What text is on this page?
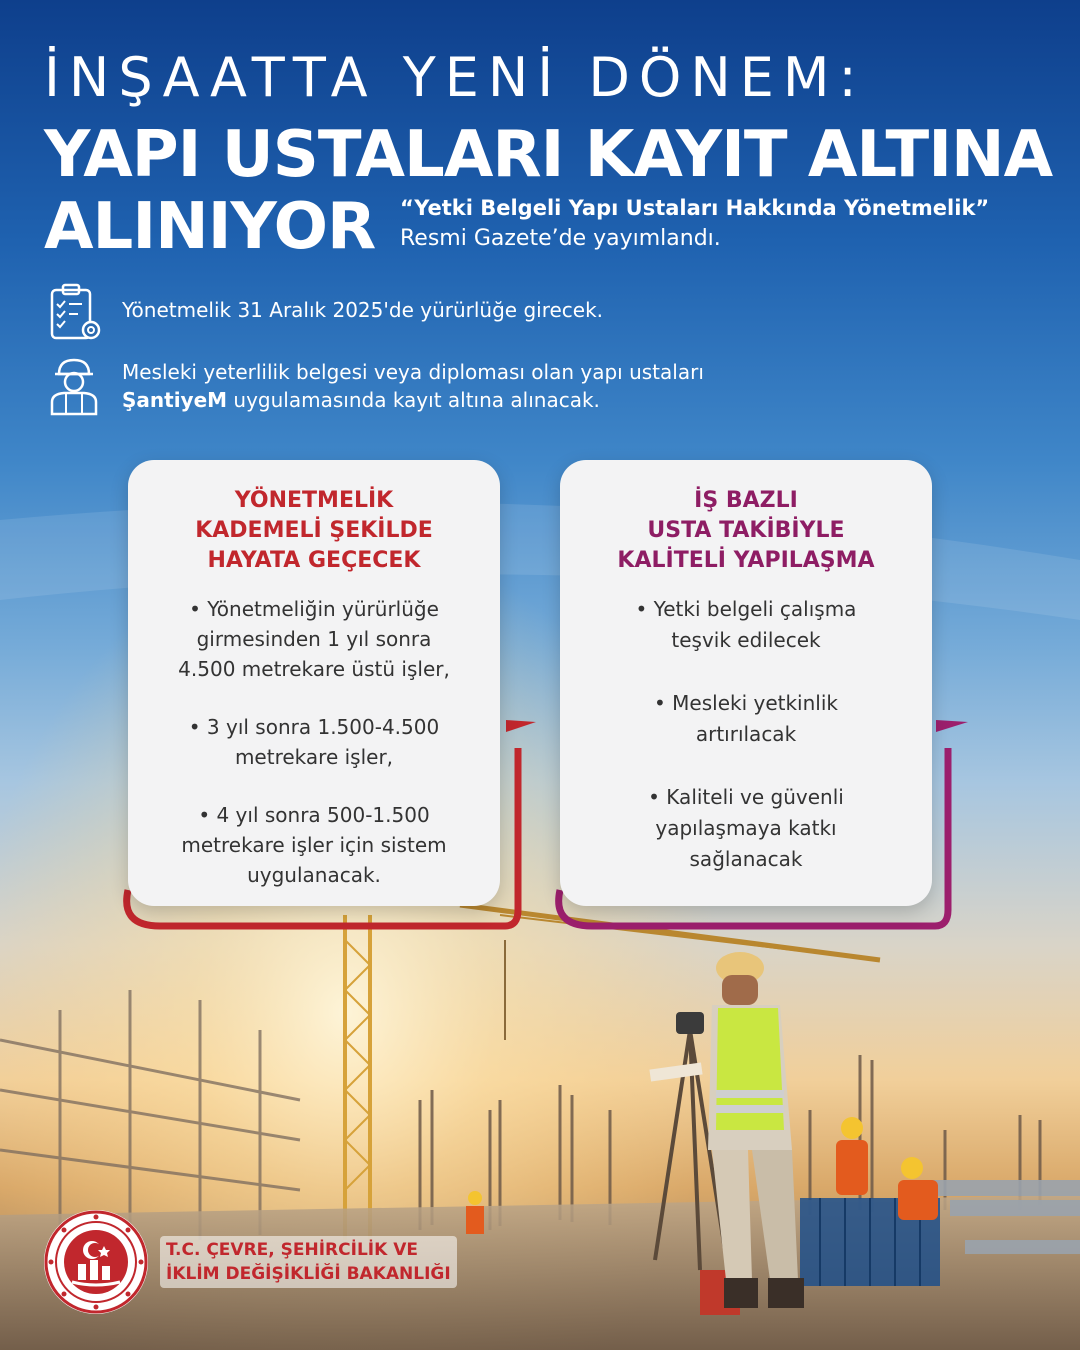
İNŞAATTA YENİ DÖNEM:
YAPI USTALARI KAYIT ALTINA
ALINIYOR “Yetki Belgeli Yapı Ustaları Hakkında Yönetmelik”
Resmi Gazete’de yayımlandı.
Yönetmelik 31 Aralık 2025'de yürürlüğe girecek.
Mesleki yeterlilik belgesi veya diploması olan yapı ustaları
ŞantiyeM uygulamasında kayıt altına alınacak.
YÖNETMELİK
KADEMELİ ŞEKİLDE
HAYATA GEÇECEK
• Yönetmeliğin yürürlüğe
girmesinden 1 yıl sonra
4.500 metrekare üstü işler,
• 3 yıl sonra 1.500-4.500
metrekare işler,
• 4 yıl sonra 500-1.500
metrekare işler için sistem
uygulanacak.
İŞ BAZLI
USTA TAKİBİYLE
KALİTELİ YAPILAŞMA
• Yetki belgeli çalışma
teşvik edilecek
• Mesleki yetkinlik
artırılacak
• Kaliteli ve güvenli
yapılaşmaya katkı
sağlanacak
T.C. ÇEVRE, ŞEHİRCİLİK VE
İKLİM DEĞİŞİKLİĞİ BAKANLIĞI
